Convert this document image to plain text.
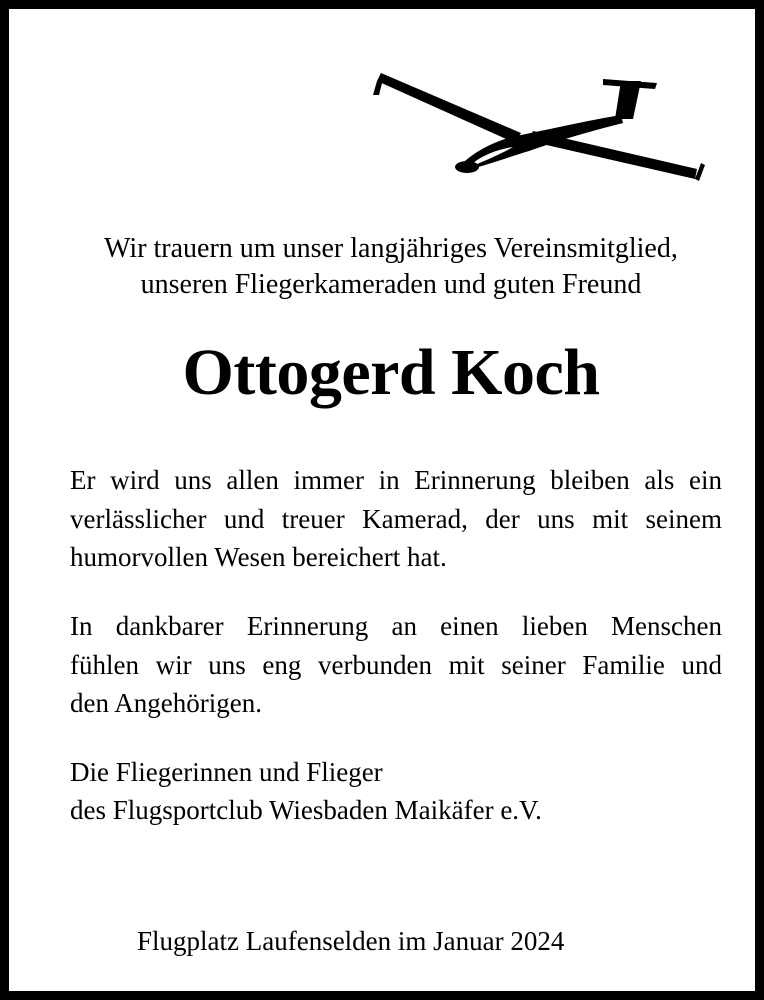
Wir trauern um unser langjähriges Vereinsmitglied,
unseren Fliegerkameraden und guten Freund
Ottogerd Koch
Er wird uns allen immer in Erinnerung bleiben als ein
verlässlicher und treuer Kamerad, der uns mit seinem
humorvollen Wesen bereichert hat.
In dankbarer Erinnerung an einen lieben Menschen
fühlen wir uns eng verbunden mit seiner Familie und
den Angehörigen.
Die Fliegerinnen und Flieger
des Flugsportclub Wiesbaden Maikäfer e.V.
Flugplatz Laufenselden im Januar 2024
